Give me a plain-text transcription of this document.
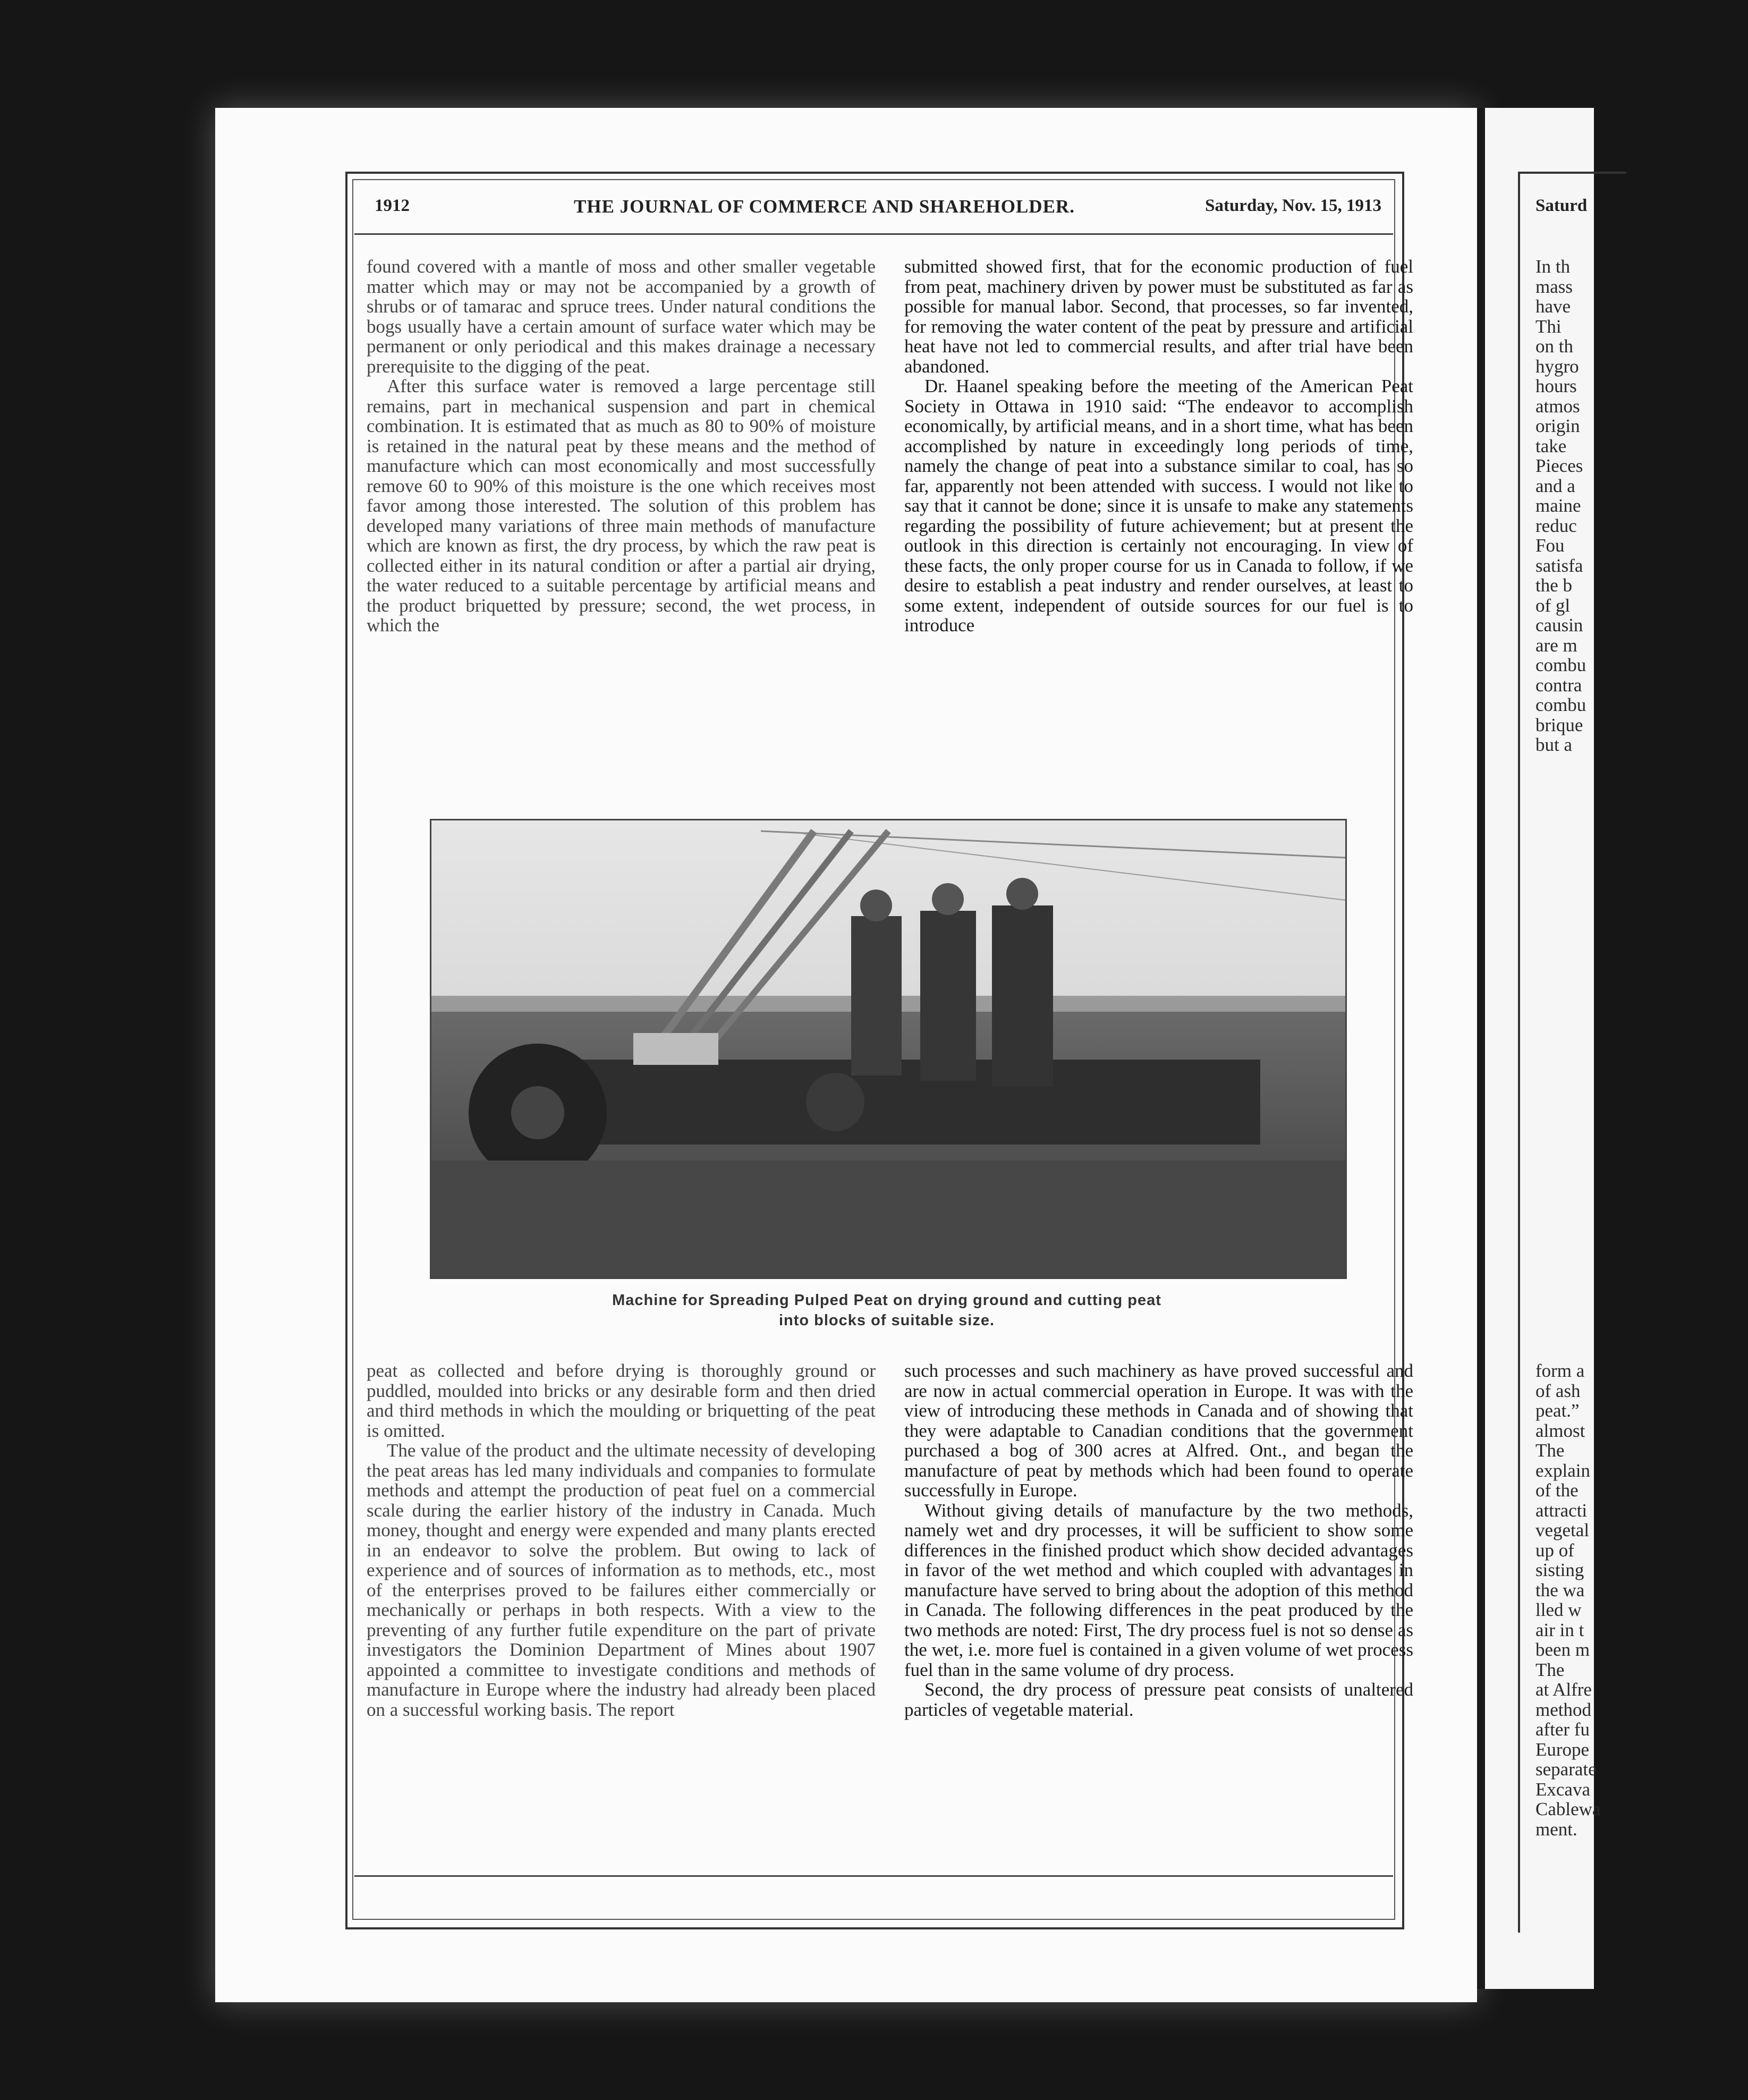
1912	THE JOURNAL OF COMMERCE AND SHAREHOLDER.	Saturday, Nov. 15, 1913

found covered with a mantle of moss and other smaller vegetable matter which may or may not be accompanied by a growth of shrubs or of tamarac and spruce trees. Under natural conditions the bogs usually have a certain amount of surface water which may be permanent or only periodical and this makes drainage a necessary prerequisite to the digging of the peat.

After this surface water is removed a large percentage still remains, part in mechanical suspension and part in chemical combination. It is estimated that as much as 80 to 90% of moisture is retained in the natural peat by these means and the method of manufacture which can most economically and most successfully remove 60 to 90% of this moisture is the one which receives most favor among those interested. The solution of this problem has developed many variations of three main methods of manufacture which are known as first, the dry process, by which the raw peat is collected either in its natural condition or after a partial air drying, the water reduced to a suitable percentage by artificial means and the product briquetted by pressure; second, the wet process, in which the

submitted showed first, that for the economic production of fuel from peat, machinery driven by power must be substituted as far as possible for manual labor. Second, that processes, so far invented, for removing the water content of the peat by pressure and artificial heat have not led to commercial results, and after trial have been abandoned.

Dr. Haanel speaking before the meeting of the American Peat Society in Ottawa in 1910 said: “The endeavor to accomplish economically, by artificial means, and in a short time, what has been accomplished by nature in exceedingly long periods of time, namely the change of peat into a substance similar to coal, has so far, apparently not been attended with success. I would not like to say that it cannot be done; since it is unsafe to make any statements regarding the possibility of future achievement; but at present the outlook in this direction is certainly not encouraging. In view of these facts, the only proper course for us in Canada to follow, if we desire to establish a peat industry and render ourselves, at least to some extent, independent of outside sources for our fuel is to introduce

Machine for Spreading Pulped Peat on drying ground and cutting peat
into blocks of suitable size.

peat as collected and before drying is thoroughly ground or puddled, moulded into bricks or any desirable form and then dried and third methods in which the moulding or briquetting of the peat is omitted.

The value of the product and the ultimate necessity of developing the peat areas has led many individuals and companies to formulate methods and attempt the production of peat fuel on a commercial scale during the earlier history of the industry in Canada. Much money, thought and energy were expended and many plants erected in an endeavor to solve the problem. But owing to lack of experience and of sources of information as to methods, etc., most of the enterprises proved to be failures either commercially or mechanically or perhaps in both respects. With a view to the preventing of any further futile expenditure on the part of private investigators the Dominion Department of Mines about 1907 appointed a committee to investigate conditions and methods of manufacture in Europe where the industry had already been placed on a successful working basis. The report

such processes and such machinery as have proved successful and are now in actual commercial operation in Europe. It was with the view of introducing these methods in Canada and of showing that they were adaptable to Canadian conditions that the government purchased a bog of 300 acres at Alfred. Ont., and began the manufacture of peat by methods which had been found to operate successfully in Europe.

Without giving details of manufacture by the two methods, namely wet and dry processes, it will be sufficient to show some differences in the finished product which show decided advantages in favor of the wet method and which coupled with advantages in manufacture have served to bring about the adoption of this method in Canada. The following differences in the peat produced by the two methods are noted: First, The dry process fuel is not so dense as the wet, i.e. more fuel is contained in a given volume of wet process fuel than in the same volume of dry process.

Second, the dry process of pressure peat consists of unaltered particles of vegetable material.

Saturd
In th
mass
have
Thi
on th
hygro
hours
atmos
origin
take
Pieces
and a
maine
reduc
Fou
satisfa
the b
of gl
causin
are m
combu
contra
combu
brique
but a
form a
of ash
peat.”
almost
The
explain
of the
attracti
vegetal
up of
sisting
the wa
lled w
air in t
been m
The
at Alfre
method
after fu
Europe
separate
Excava
Cablewa
ment.
